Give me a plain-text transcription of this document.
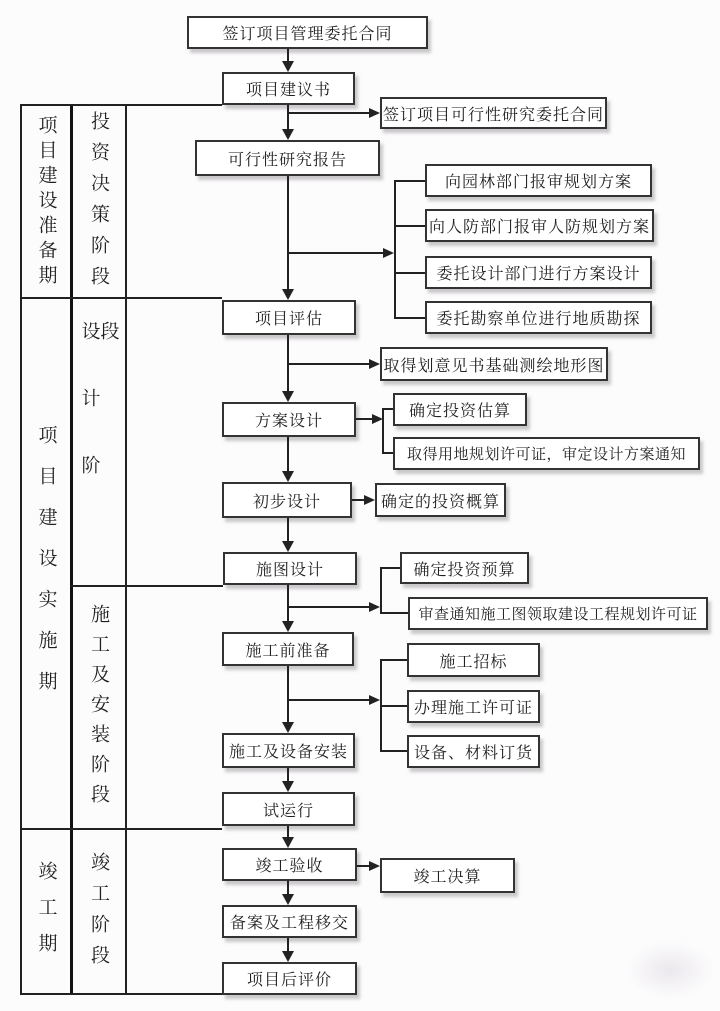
项目建设准备期
项目建设实施期
竣工期
投资决策阶段
设计阶段
施工及安装阶段
竣工阶段
签订项目管理委托合同
项目建议书
可行性研究报告
项目评估
方案设计
初步设计
施图设计
施工前准备
施工及设备安装
试运行
竣工验收
备案及工程移交
项目后评价
签订项目可行性研究委托合同
向园林部门报审规划方案
向人防部门报审人防规划方案
委托设计部门进行方案设计
委托勘察单位进行地质勘探
取得划意见书基础测绘地形图
确定投资估算
取得用地规划许可证，审定设计方案通知
确定的投资概算
确定投资预算
审查通知施工图领取建设工程规划许可证
施工招标
办理施工许可证
设备、材料订货
竣工决算
